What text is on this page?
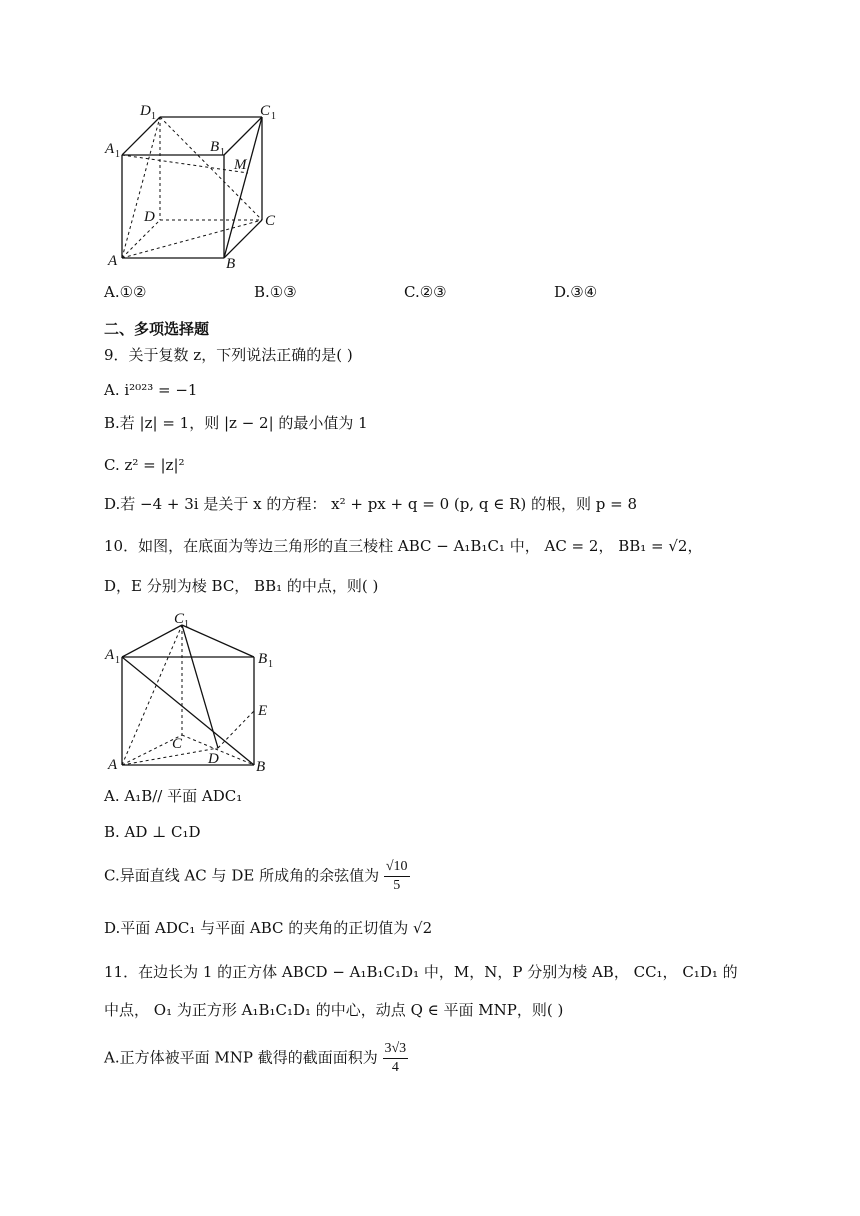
D 1	C 1
A 1	B 1
M
D	C
A	B
A.①②	B.①③	C.②③	D.③④
二、多项选择题
9．关于复数 z，下列说法正确的是( )
A. i²⁰²³ = −1
B.若 |z| = 1，则 |z − 2| 的最小值为 1
C. z² = |z|²
D.若 −4 + 3i 是关于 x 的方程： x² + px + q = 0 (p, q ∈ R) 的根，则 p = 8
10．如图，在底面为等边三角形的直三棱柱 ABC − A₁B₁C₁ 中， AC = 2， BB₁ = √2，
D，E 分别为棱 BC， BB₁ 的中点，则( )
C 1
A 1	B 1
E
C
D
A	B
A. A₁B// 平面 ADC₁
B. AD ⊥ C₁D
C.异面直线 AC 与 DE 所成角的余弦值为 $\frac{√10}{5}$
D.平面 ADC₁ 与平面 ABC 的夹角的正切值为 √2
11．在边长为 1 的正方体 ABCD − A₁B₁C₁D₁ 中，M，N，P 分别为棱 AB， CC₁， C₁D₁ 的
中点， O₁ 为正方形 A₁B₁C₁D₁ 的中心，动点 Q ∈ 平面 MNP，则( )
A.正方体被平面 MNP 截得的截面面积为 $\frac{3√3}{4}$
